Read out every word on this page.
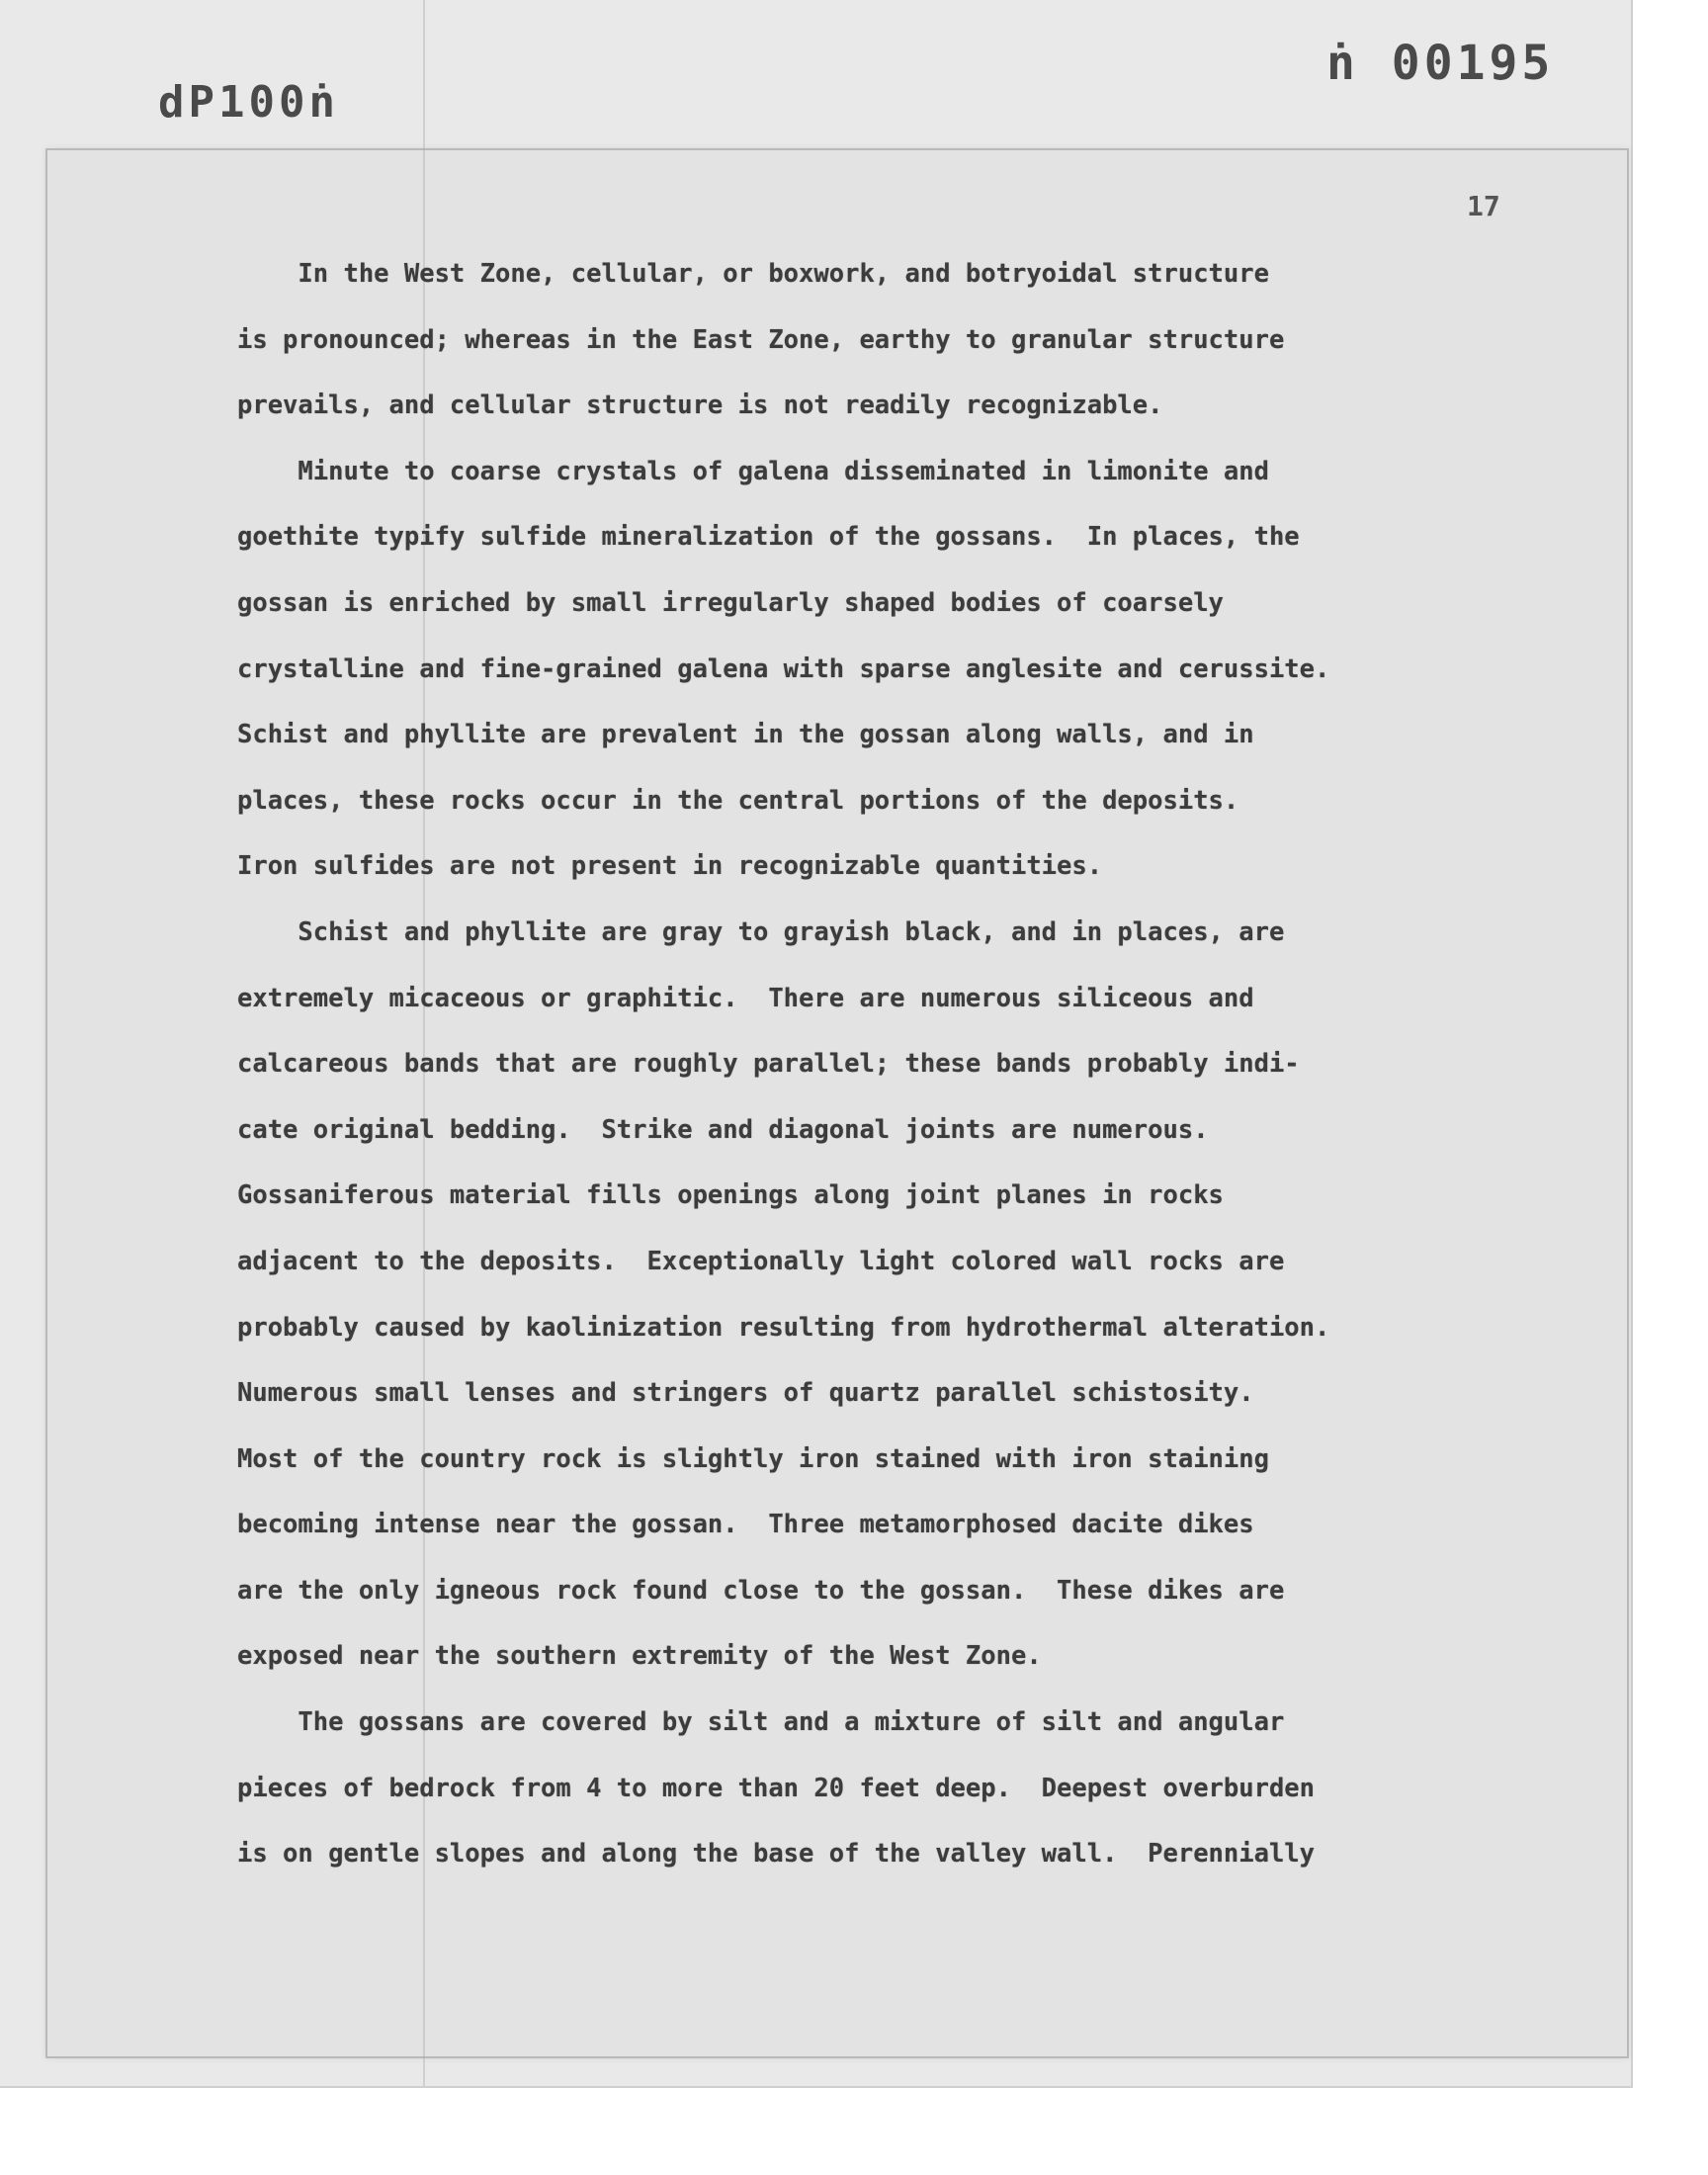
dP100ṅ
ṅ 00195
17
In the West Zone, cellular, or boxwork, and botryoidal structure
is pronounced; whereas in the East Zone, earthy to granular structure
prevails, and cellular structure is not readily recognizable.
Minute to coarse crystals of galena disseminated in limonite and
goethite typify sulfide mineralization of the gossans.  In places, the
gossan is enriched by small irregularly shaped bodies of coarsely
crystalline and fine-grained galena with sparse anglesite and cerussite.
Schist and phyllite are prevalent in the gossan along walls, and in
places, these rocks occur in the central portions of the deposits.
Iron sulfides are not present in recognizable quantities.
Schist and phyllite are gray to grayish black, and in places, are
extremely micaceous or graphitic.  There are numerous siliceous and
calcareous bands that are roughly parallel; these bands probably indi-
cate original bedding.  Strike and diagonal joints are numerous.
Gossaniferous material fills openings along joint planes in rocks
adjacent to the deposits.  Exceptionally light colored wall rocks are
probably caused by kaolinization resulting from hydrothermal alteration.
Numerous small lenses and stringers of quartz parallel schistosity.
Most of the country rock is slightly iron stained with iron staining
becoming intense near the gossan.  Three metamorphosed dacite dikes
are the only igneous rock found close to the gossan.  These dikes are
exposed near the southern extremity of the West Zone.
The gossans are covered by silt and a mixture of silt and angular
pieces of bedrock from 4 to more than 20 feet deep.  Deepest overburden
is on gentle slopes and along the base of the valley wall.  Perennially
